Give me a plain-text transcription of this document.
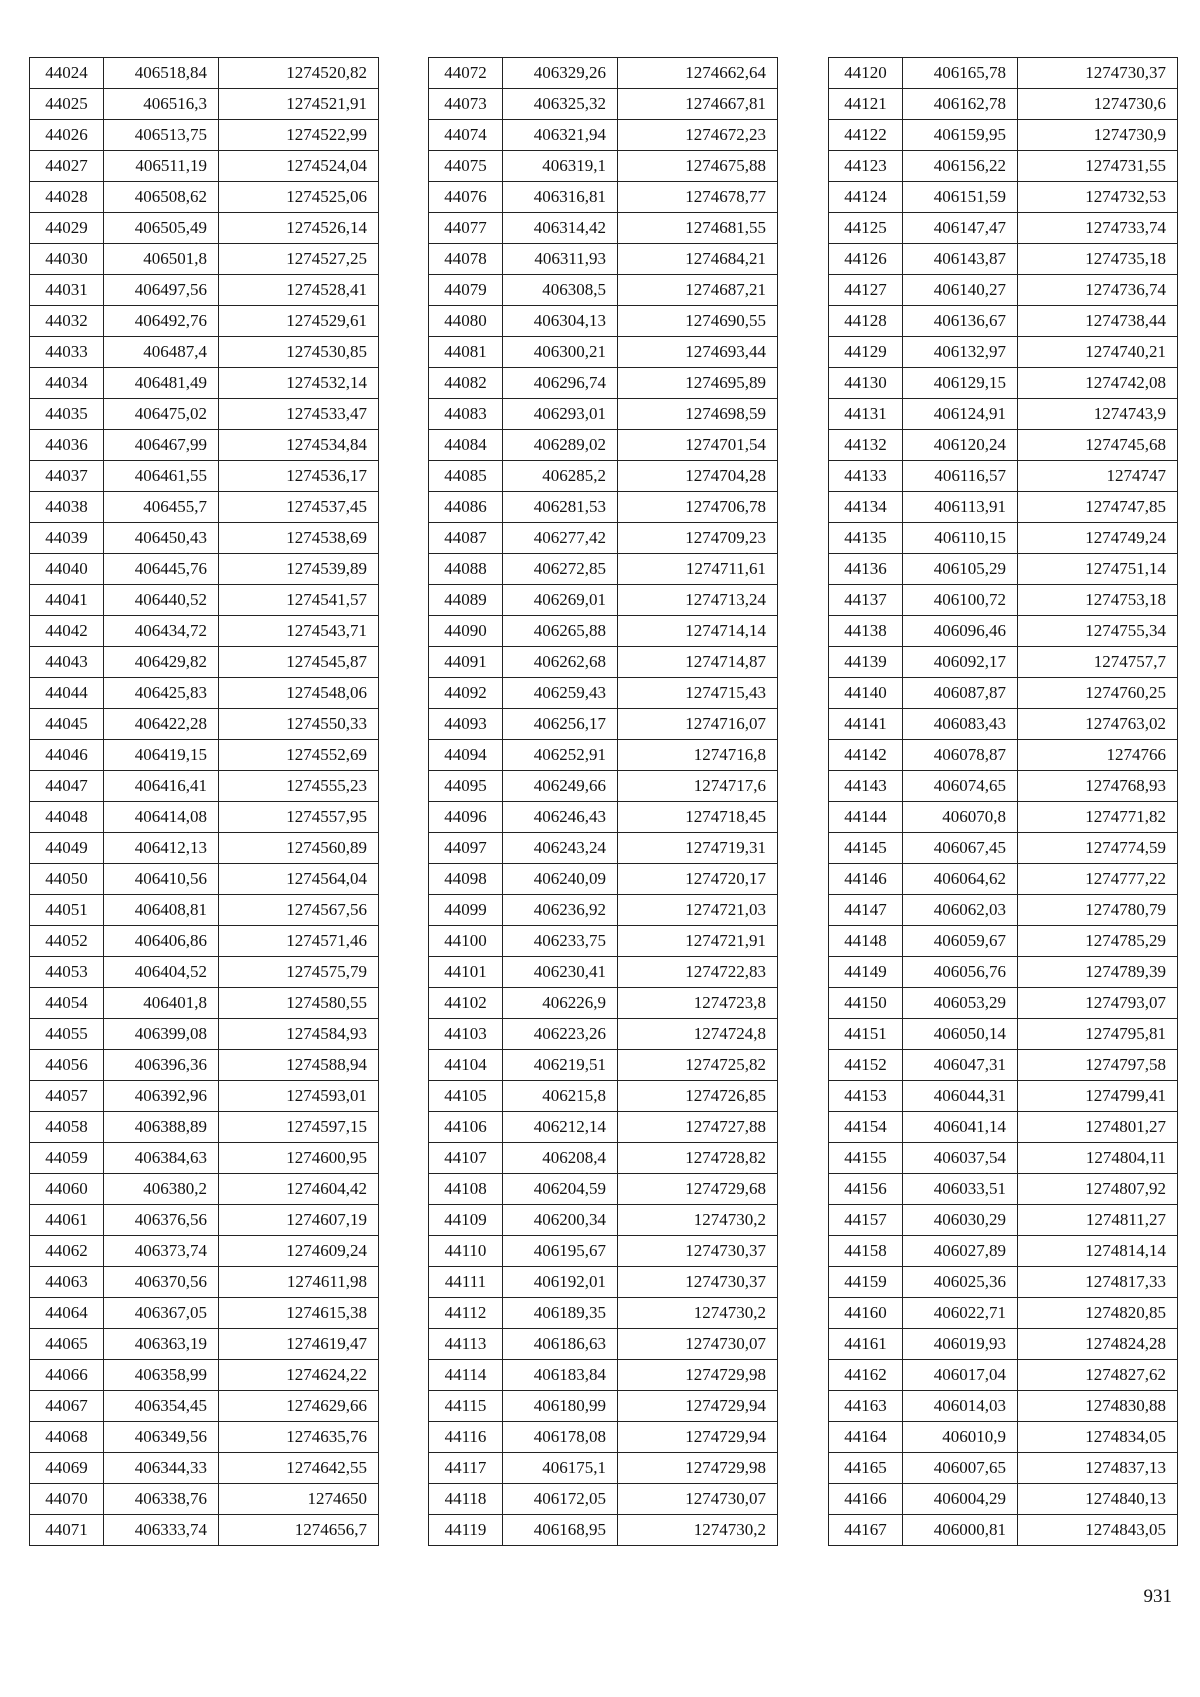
44024	406518,84	1274520,82
44025	406516,3	1274521,91
44026	406513,75	1274522,99
44027	406511,19	1274524,04
44028	406508,62	1274525,06
44029	406505,49	1274526,14
44030	406501,8	1274527,25
44031	406497,56	1274528,41
44032	406492,76	1274529,61
44033	406487,4	1274530,85
44034	406481,49	1274532,14
44035	406475,02	1274533,47
44036	406467,99	1274534,84
44037	406461,55	1274536,17
44038	406455,7	1274537,45
44039	406450,43	1274538,69
44040	406445,76	1274539,89
44041	406440,52	1274541,57
44042	406434,72	1274543,71
44043	406429,82	1274545,87
44044	406425,83	1274548,06
44045	406422,28	1274550,33
44046	406419,15	1274552,69
44047	406416,41	1274555,23
44048	406414,08	1274557,95
44049	406412,13	1274560,89
44050	406410,56	1274564,04
44051	406408,81	1274567,56
44052	406406,86	1274571,46
44053	406404,52	1274575,79
44054	406401,8	1274580,55
44055	406399,08	1274584,93
44056	406396,36	1274588,94
44057	406392,96	1274593,01
44058	406388,89	1274597,15
44059	406384,63	1274600,95
44060	406380,2	1274604,42
44061	406376,56	1274607,19
44062	406373,74	1274609,24
44063	406370,56	1274611,98
44064	406367,05	1274615,38
44065	406363,19	1274619,47
44066	406358,99	1274624,22
44067	406354,45	1274629,66
44068	406349,56	1274635,76
44069	406344,33	1274642,55
44070	406338,76	1274650
44071	406333,74	1274656,7
44072	406329,26	1274662,64
44073	406325,32	1274667,81
44074	406321,94	1274672,23
44075	406319,1	1274675,88
44076	406316,81	1274678,77
44077	406314,42	1274681,55
44078	406311,93	1274684,21
44079	406308,5	1274687,21
44080	406304,13	1274690,55
44081	406300,21	1274693,44
44082	406296,74	1274695,89
44083	406293,01	1274698,59
44084	406289,02	1274701,54
44085	406285,2	1274704,28
44086	406281,53	1274706,78
44087	406277,42	1274709,23
44088	406272,85	1274711,61
44089	406269,01	1274713,24
44090	406265,88	1274714,14
44091	406262,68	1274714,87
44092	406259,43	1274715,43
44093	406256,17	1274716,07
44094	406252,91	1274716,8
44095	406249,66	1274717,6
44096	406246,43	1274718,45
44097	406243,24	1274719,31
44098	406240,09	1274720,17
44099	406236,92	1274721,03
44100	406233,75	1274721,91
44101	406230,41	1274722,83
44102	406226,9	1274723,8
44103	406223,26	1274724,8
44104	406219,51	1274725,82
44105	406215,8	1274726,85
44106	406212,14	1274727,88
44107	406208,4	1274728,82
44108	406204,59	1274729,68
44109	406200,34	1274730,2
44110	406195,67	1274730,37
44111	406192,01	1274730,37
44112	406189,35	1274730,2
44113	406186,63	1274730,07
44114	406183,84	1274729,98
44115	406180,99	1274729,94
44116	406178,08	1274729,94
44117	406175,1	1274729,98
44118	406172,05	1274730,07
44119	406168,95	1274730,2
44120	406165,78	1274730,37
44121	406162,78	1274730,6
44122	406159,95	1274730,9
44123	406156,22	1274731,55
44124	406151,59	1274732,53
44125	406147,47	1274733,74
44126	406143,87	1274735,18
44127	406140,27	1274736,74
44128	406136,67	1274738,44
44129	406132,97	1274740,21
44130	406129,15	1274742,08
44131	406124,91	1274743,9
44132	406120,24	1274745,68
44133	406116,57	1274747
44134	406113,91	1274747,85
44135	406110,15	1274749,24
44136	406105,29	1274751,14
44137	406100,72	1274753,18
44138	406096,46	1274755,34
44139	406092,17	1274757,7
44140	406087,87	1274760,25
44141	406083,43	1274763,02
44142	406078,87	1274766
44143	406074,65	1274768,93
44144	406070,8	1274771,82
44145	406067,45	1274774,59
44146	406064,62	1274777,22
44147	406062,03	1274780,79
44148	406059,67	1274785,29
44149	406056,76	1274789,39
44150	406053,29	1274793,07
44151	406050,14	1274795,81
44152	406047,31	1274797,58
44153	406044,31	1274799,41
44154	406041,14	1274801,27
44155	406037,54	1274804,11
44156	406033,51	1274807,92
44157	406030,29	1274811,27
44158	406027,89	1274814,14
44159	406025,36	1274817,33
44160	406022,71	1274820,85
44161	406019,93	1274824,28
44162	406017,04	1274827,62
44163	406014,03	1274830,88
44164	406010,9	1274834,05
44165	406007,65	1274837,13
44166	406004,29	1274840,13
44167	406000,81	1274843,05
931
